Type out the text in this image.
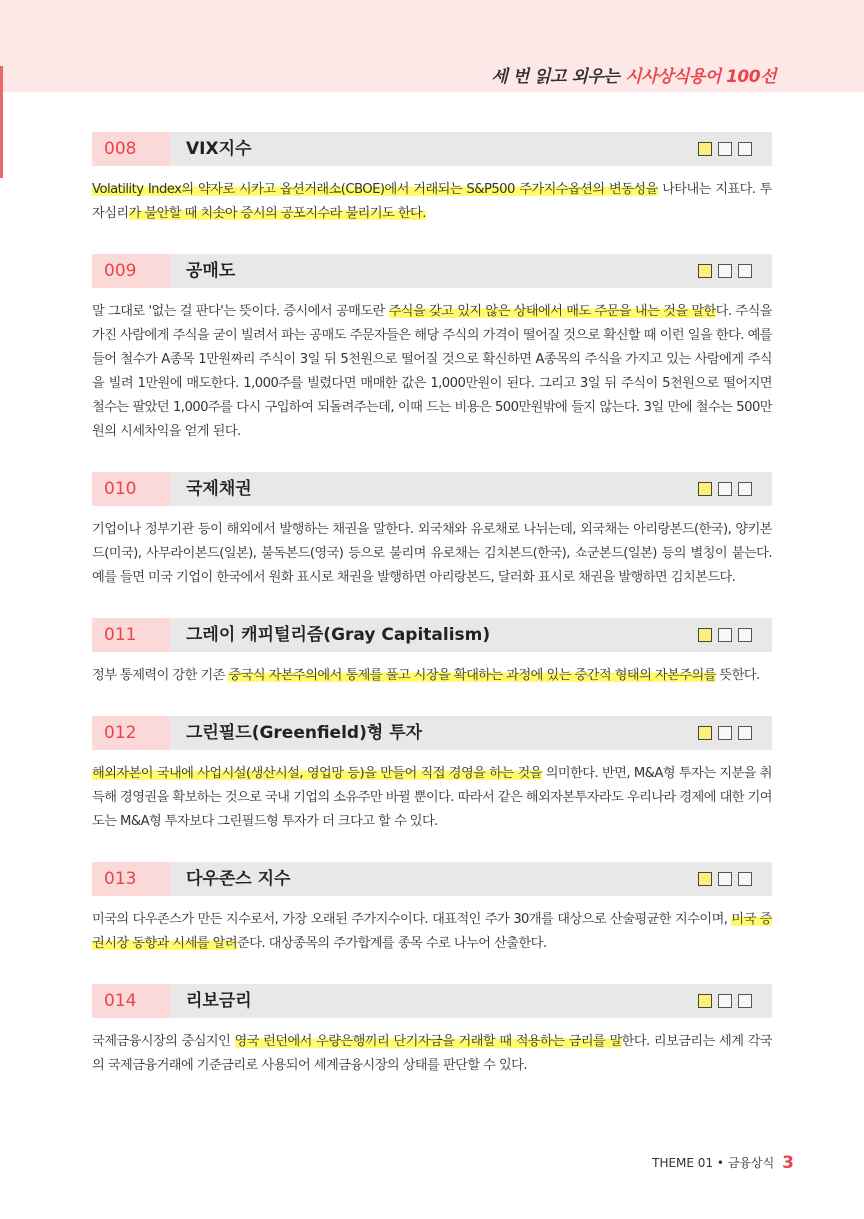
세 번 읽고 외우는 시사상식용어 100선
008	VIX지수

Volatility Index의 약자로 시카고 옵션거래소(CBOE)에서 거래되는 S&P500 주가지수옵션의 변동성을 나타내는 지표다. 투자심리가 불안할 때 치솟아 증시의 공포지수라 불리기도 한다.

009	공매도

말 그대로 '없는 걸 판다'는 뜻이다. 증시에서 공매도란 주식을 갖고 있지 않은 상태에서 매도 주문을 내는 것을 말한다. 주식을 가진 사람에게 주식을 굳이 빌려서 파는 공매도 주문자들은 해당 주식의 가격이 떨어질 것으로 확신할 때 이런 일을 한다. 예를 들어 철수가 A종목 1만원짜리 주식이 3일 뒤 5천원으로 떨어질 것으로 확신하면 A종목의 주식을 가지고 있는 사람에게 주식을 빌려 1만원에 매도한다. 1,000주를 빌렸다면 매매한 값은 1,000만원이 된다. 그리고 3일 뒤 주식이 5천원으로 떨어지면 철수는 팔았던 1,000주를 다시 구입하여 되돌려주는데, 이때 드는 비용은 500만원밖에 들지 않는다. 3일 만에 철수는 500만원의 시세차익을 얻게 된다.

010	국제채권

기업이나 정부기관 등이 해외에서 발행하는 채권을 말한다. 외국채와 유로채로 나뉘는데, 외국채는 아리랑본드(한국), 양키본드(미국), 사무라이본드(일본), 불독본드(영국) 등으로 불리며 유로채는 김치본드(한국), 쇼군본드(일본) 등의 별칭이 붙는다. 예를 들면 미국 기업이 한국에서 원화 표시로 채권을 발행하면 아리랑본드, 달러화 표시로 채권을 발행하면 김치본드다.

011	그레이 캐피털리즘(Gray Capitalism)

정부 통제력이 강한 기존 중국식 자본주의에서 통제를 풀고 시장을 확대하는 과정에 있는 중간적 형태의 자본주의를 뜻한다.

012	그린필드(Greenfield)형 투자

해외자본이 국내에 사업시설(생산시설, 영업망 등)을 만들어 직접 경영을 하는 것을 의미한다. 반면, M&A형 투자는 지분을 취득해 경영권을 확보하는 것으로 국내 기업의 소유주만 바뀔 뿐이다. 따라서 같은 해외자본투자라도 우리나라 경제에 대한 기여도는 M&A형 투자보다 그린필드형 투자가 더 크다고 할 수 있다.

013	다우존스 지수

미국의 다우존스가 만든 지수로서, 가장 오래된 주가지수이다. 대표적인 주가 30개를 대상으로 산술평균한 지수이며, 미국 증권시장 동향과 시세를 알려준다. 대상종목의 주가합계를 종목 수로 나누어 산출한다.

014	리보금리

국제금융시장의 중심지인 영국 런던에서 우량은행끼리 단기자금을 거래할 때 적용하는 금리를 말한다. 리보금리는 세계 각국의 국제금융거래에 기준금리로 사용되어 세계금융시장의 상태를 판단할 수 있다.

THEME 01 • 금융상식 3
